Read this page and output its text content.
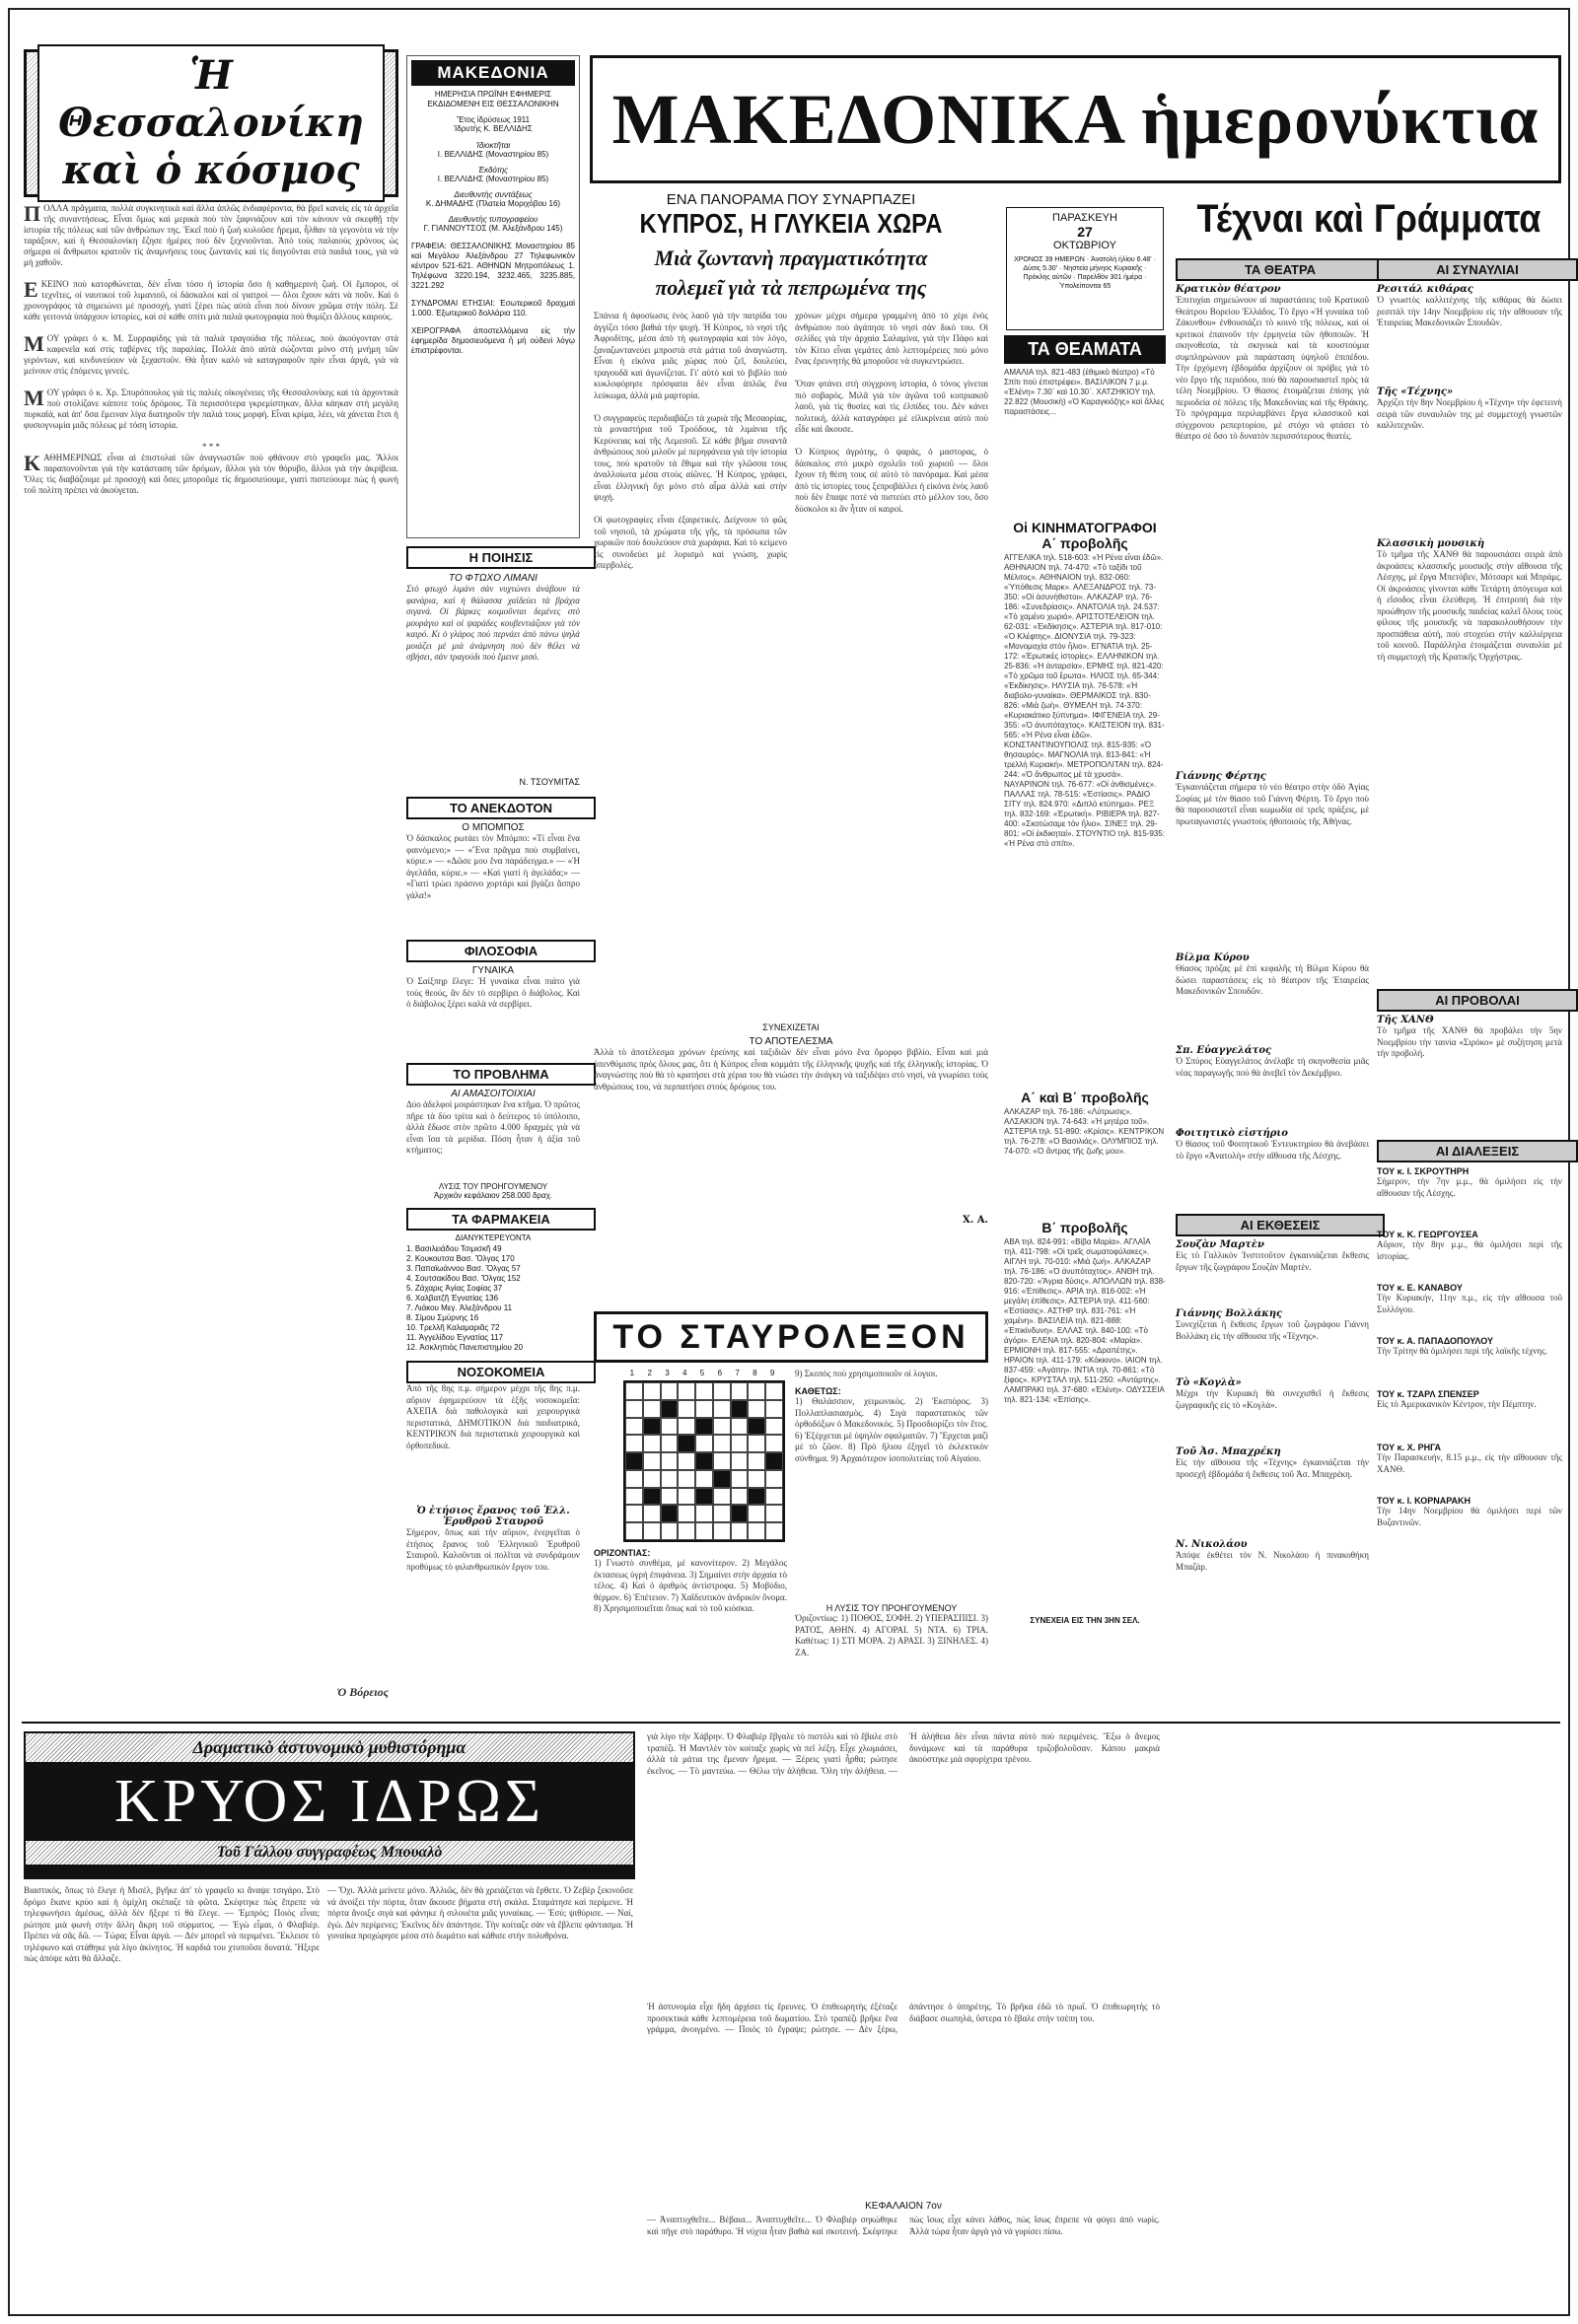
Ἡ Θεσσαλονίκη καὶ ὁ κόσμος
Π ΟΛΛΑ πρᾶγματα, πολλὰ συγκινητικὰ καὶ ἄλλα ἀπλῶς ἐνδιαφέροντα, θὰ βρεῖ κανεὶς εἰς τὰ ἀρχεῖα τῆς συναντήσεως. Εἶναι ὅμως καὶ μερικὰ ποὺ τὸν ξαφνιάζουν καὶ τὸν κάνουν νὰ σκεφθῇ τὴν ἱστορία τῆς πόλεως καὶ τῶν ἀνθρώπων της. Ἐκεῖ ποὺ ἡ ζωὴ κυλοῦσε ἤρεμα, ἦλθαν τὰ γεγονότα νὰ τὴν ταράξουν, καὶ ἡ Θεσσαλονίκη ἔζησε ἡμέρες ποὺ δὲν ξεχνιοῦνται. Ἀπὸ τοὺς παλαιοὺς χρόνους ὡς σήμερα οἱ ἄνθρωποι κρατοῦν τὶς ἀναμνήσεις τους ζωντανὲς καὶ τὶς διηγοῦνται στὰ παιδιά τους, γιὰ νὰ μὴ χαθοῦν.

Ε ΚΕΙΝΟ ποὺ κατορθώνεται, δὲν εἶναι τόσο ἡ ἱστορία ὅσο ἡ καθημερινὴ ζωή. Οἱ ἔμποροι, οἱ τεχνῖτες, οἱ ναυτικοὶ τοῦ λιμανιοῦ, οἱ δάσκαλοι καὶ οἱ γιατροὶ — ὅλοι ἔχουν κάτι νὰ ποῦν. Καὶ ὁ χρονογράφος τὰ σημειώνει μὲ προσοχή, γιατὶ ξέρει πὼς αὐτὰ εἶναι ποὺ δίνουν χρῶμα στὴν πόλη. Σὲ κάθε γειτονιὰ ὑπάρχουν ἱστορίες, καὶ σὲ κάθε σπίτι μιὰ παλιὰ φωτογραφία ποὺ θυμίζει ἄλλους καιρούς.

Μ ΟΥ γράφει ὁ κ. Μ. Συρραφίδης γιὰ τὰ παλιὰ τραγούδια τῆς πόλεως, ποὺ ἀκούγονταν στὰ καφενεῖα καὶ στὶς ταβέρνες τῆς παραλίας. Πολλὰ ἀπὸ αὐτὰ σώζονται μόνο στὴ μνήμη τῶν γερόντων, καὶ κινδυνεύουν νὰ ξεχαστοῦν. Θὰ ἦταν καλὸ νὰ καταγραφοῦν πρὶν εἶναι ἀργά, γιὰ νὰ μείνουν στὶς ἐπόμενες γενεές.

Μ ΟΥ γράφει ὁ κ. Χρ. Σπυρόπουλος γιὰ τὶς παλιὲς οἰκογένειες τῆς Θεσσαλονίκης καὶ τὰ ἀρχοντικὰ ποὺ στολίζανε κάποτε τοὺς δρόμους. Τὰ περισσότερα γκρεμίστηκαν, ἄλλα κάηκαν στὴ μεγάλη πυρκαϊά, καὶ ἀπ' ὅσα ἔμειναν λίγα διατηροῦν τὴν παλιά τους μορφή. Εἶναι κρίμα, λέει, νὰ χάνεται ἔτσι ἡ φυσιογνωμία μιᾶς πόλεως μὲ τόση ἱστορία.

* * *
Κ ΑΘΗΜΕΡΙΝΩΣ εἶναι αἱ ἐπιστολαὶ τῶν ἀναγνωστῶν ποὺ φθάνουν στὸ γραφεῖο μας. Ἄλλοι παραπονοῦνται γιὰ τὴν κατάσταση τῶν δρόμων, ἄλλοι γιὰ τὸν θόρυβο, ἄλλοι γιὰ τὴν ἀκρίβεια. Ὅλες τὶς διαβάζουμε μὲ προσοχὴ καὶ ὅσες μποροῦμε τὶς δημοσιεύουμε, γιατὶ πιστεύουμε πὼς ἡ φωνὴ τοῦ πολίτη πρέπει νὰ ἀκούγεται.
Ὁ Βόρειος
ΜΑΚΕΔΟΝΙΑ
ΗΜΕΡΗΣΙΑ ΠΡΩΪΝΗ ΕΦΗΜΕΡΙΣ ΕΚΔΙΔΟΜΕΝΗ ΕΙΣ ΘΕΣΣΑΛΟΝΙΚΗΝ
Ἔτος ἱδρύσεως 1911
Ἱδρυτὴς Κ. ΒΕΛΛΙΔΗΣ
Ἰδιοκτῆται
Ι. ΒΕΛΛΙΔΗΣ (Μοναστηρίου 85)
Ἐκδότης
Ι. ΒΕΛΛΙΔΗΣ (Μοναστηρίου 85)
Διευθυντὴς συντάξεως
Κ. ΔΗΜΑΔΗΣ (Πλατεία Μοριχόβου 16)
Διευθυντὴς τυπογραφείου
Γ. ΓΙΑΝΝΟΥΤΣΟΣ (Μ. Ἀλεξάνδρου 145)
ΓΡΑΦΕΙΑ: ΘΕΣΣΑΛΟΝΙΚΗΣ Μοναστηρίου 85 καὶ Μεγάλου Ἀλεξάνδρου 27 Τηλεφωνικὸν κέντρον 521-621. ΑΘΗΝΩΝ Μητροπόλεως 1. Τηλέφωνα 3220.194, 3232.465, 3235.885, 3221.292
ΣΥΝΔΡΟΜΑΙ ΕΤΗΣΙΑΙ: Ἐσωτερικοῦ δραχμαὶ 1.000. Ἐξωτερικοῦ δολλάρια 110.
ΧΕΙΡΟΓΡΑΦΑ ἀποστελλόμενα εἰς τὴν ἐφημερίδα δημοσιευόμενα ἢ μὴ οὐδενὶ λόγῳ ἐπιστρέφονται.
ΜΑΚΕΔΟΝΙΚΑ ἡμερονύκτια
Η ΠΟΙΗΣΙΣ
ΤΟ ΦΤΩΧΟ ΛΙΜΑΝΙ
Στὸ φτωχὸ λιμάνι σὰν νυχτώνει ἀνάβουν τὰ φανάρια, καὶ ἡ θάλασσα χαϊδεύει τὰ βράχια σιγανά. Οἱ βάρκες κοιμοῦνται δεμένες στὸ μουράγιο καὶ οἱ ψαράδες κουβεντιάζουν γιὰ τὸν καιρό. Κι ὁ γλάρος ποὺ περνάει ἀπὸ πάνω ψηλά μοιάζει μὲ μιὰ ἀνάμνηση ποὺ δὲν θέλει νὰ σβήσει, σὰν τραγούδι ποὺ ἔμεινε μισό.
Ν. ΤΣΟΥΜΙΤΑΣ
ΤΟ ΑΝΕΚΔΟΤΟΝ
Ο ΜΠΟΜΠΟΣ
Ὁ δάσκαλος ρωτάει τὸν Μπόμπο: «Τί εἶναι ἕνα φαινόμενο;» — «Ἕνα πρᾶγμα ποὺ συμβαίνει, κύριε.» — «Δῶσε μου ἕνα παράδειγμα.» — «Ἡ ἀγελάδα, κύριε.» — «Καὶ γιατί ἡ ἀγελάδα;» — «Γιατὶ τρώει πράσινο χορτάρι καὶ βγάζει ἄσπρο γάλα!»
ΦΙΛΟΣΟΦΙΑ
ΓΥΝΑΙΚΑ
Ὁ Σαίξπηρ ἔλεγε: Ἡ γυναίκα εἶναι πιάτο γιὰ τοὺς θεούς, ἂν δὲν τὸ σερβίρει ὁ διάβολος. Καὶ ὁ διάβολος ξέρει καλὰ νὰ σερβίρει.
ΤΟ ΠΡΟΒΛΗΜΑ
ΑΙ ΑΜΑΣΟΙΤΟΙΧΙΑΙ
Δύο ἀδελφοὶ μοιράστηκαν ἕνα κτῆμα. Ὁ πρῶτος πῆρε τὰ δύο τρίτα καὶ ὁ δεύτερος τὸ ὑπόλοιπο, ἀλλὰ ἔδωσε στὸν πρῶτο 4.000 δραχμὲς γιὰ νὰ εἶναι ἴσα τὰ μερίδια. Πόση ἦταν ἡ ἀξία τοῦ κτήματος;
ΛΥΣΙΣ ΤΟΥ ΠΡΟΗΓΟΥΜΕΝΟΥ
Ἀρχικὸν κεφάλαιον 258.000 δραχ.
ΤΑ ΦΑΡΜΑΚΕΙΑ
ΔΙΑΝΥΚΤΕΡΕΥΟΝΤΑ
1. Βασιλειάδου Τσιμισκῆ 49
2. Κουκουτσα Βασ. Ὄλγας 170
3. Παπαϊωάννου Βασ. Ὄλγας 57
4. Σουτσακίδου Βασ. Ὄλγας 152
5. Ζάχαρις Ἀγίας Σοφίας 37
6. Χαλβατζῆ Ἐγνατίας 136
7. Λιάκου Μεγ. Ἀλεξάνδρου 11
8. Σίμου Σμύρνης 16
10. Τρελλῆ Καλαμαριᾶς 72
11. Ἀγγελίδου Ἐγνατίας 117
12. Ἀσκληπιὸς Πανεπιστημίου 20
ΝΟΣΟΚΟΜΕΙΑ
Ἀπὸ τῆς 8ης π.μ. σήμερον μέχρι τῆς 8ης π.μ. αὔριον ἐφημερεύουν τὰ ἑξῆς νοσοκομεῖα: ΑΧΕΠΑ διὰ παθολογικὰ καὶ χειρουργικὰ περιστατικά, ΔΗΜΟΤΙΚΟΝ διὰ παιδιατρικά, ΚΕΝΤΡΙΚΟΝ διὰ περιστατικὰ χειρουργικὰ καὶ ὀρθοπεδικά.
Ὁ ἐτήσιος ἔρανος τοῦ Ἑλλ. Ἐρυθροῦ Σταυροῦ
Σήμερον, ὅπως καὶ τὴν αὔριον, ἐνεργεῖται ὁ ἐτήσιος ἔρανος τοῦ Ἑλληνικοῦ Ἐρυθροῦ Σταυροῦ. Καλοῦνται οἱ πολῖται νὰ συνδράμουν προθύμως τὸ φιλανθρωπικὸν ἔργον του.
ΕΝΑ ΠΑΝΟΡΑΜΑ ΠΟΥ ΣΥΝΑΡΠΑΖΕΙ
ΚΥΠΡΟΣ, Η ΓΛΥΚΕΙΑ ΧΩΡΑ
Μιὰ ζωντανὴ πραγματικότητα πολεμεῖ γιὰ τὰ πεπρωμένα της
Σπάνια ἡ ἀφοσίωσις ἑνὸς λαοῦ γιὰ τὴν πατρίδα του ἀγγίζει τόσο βαθιὰ τὴν ψυχή. Ἡ Κύπρος, τὸ νησὶ τῆς Ἀφροδίτης, μέσα ἀπὸ τὴ φωτογραφία καὶ τὸν λόγο, ξαναζωντανεύει μπροστὰ στὰ μάτια τοῦ ἀναγνώστη. Εἶναι ἡ εἰκόνα μιᾶς χώρας ποὺ ζεῖ, δουλεύει, τραγουδᾶ καὶ ἀγωνίζεται. Γι' αὐτὸ καὶ τὸ βιβλίο ποὺ κυκλοφόρησε πρόσφατα δὲν εἶναι ἁπλῶς ἕνα λεύκωμα, ἀλλὰ μιὰ μαρτυρία.

Ὁ συγγραφεὺς περιδιαβάζει τὰ χωριὰ τῆς Μεσαορίας, τὰ μοναστήρια τοῦ Τροόδους, τὰ λιμάνια τῆς Κερύνειας καὶ τῆς Λεμεσοῦ. Σὲ κάθε βῆμα συναντᾶ ἀνθρώπους ποὺ μιλοῦν μὲ περηφάνεια γιὰ τὴν ἱστορία τους, ποὺ κρατοῦν τὰ ἔθιμα καὶ τὴν γλῶσσα τους ἀναλλοίωτα μέσα στοὺς αἰῶνες. Ἡ Κύπρος, γράφει, εἶναι ἑλληνικὴ ὄχι μόνο στὸ αἷμα ἀλλὰ καὶ στὴν ψυχή.

Οἱ φωτογραφίες εἶναι ἐξαιρετικές. Δείχνουν τὸ φῶς τοῦ νησιοῦ, τὰ χρώματα τῆς γῆς, τὰ πρόσωπα τῶν χωρικῶν ποὺ δουλεύουν στὰ χωράφια. Καὶ τὸ κείμενο τὶς συνοδεύει μὲ λυρισμὸ καὶ γνώση, χωρὶς ὑπερβολές.
χρόνων μέχρι σήμερα γραμμένη ἀπὸ τὸ χέρι ἑνὸς ἀνθρώπου ποὺ ἀγάπησε τὸ νησὶ σὰν δικό του. Οἱ σελίδες γιὰ τὴν ἀρχαία Σαλαμίνα, γιὰ τὴν Πάφο καὶ τὸν Κίτιο εἶναι γεμάτες ἀπὸ λεπτομέρειες ποὺ μόνο ἕνας ἐρευνητὴς θὰ μποροῦσε νὰ συγκεντρώσει.

Ὅταν φτάνει στὴ σύγχρονη ἱστορία, ὁ τόνος γίνεται πιὸ σοβαρός. Μιλᾶ γιὰ τὸν ἀγῶνα τοῦ κυπριακοῦ λαοῦ, γιὰ τὶς θυσίες καὶ τὶς ἐλπίδες του. Δὲν κάνει πολιτική, ἀλλὰ καταγράφει μὲ εἰλικρίνεια αὐτὸ ποὺ εἶδε καὶ ἄκουσε.

Ὁ Κύπριος ἀγρότης, ὁ ψαράς, ὁ μαστορας, ὁ δάσκαλος στὸ μικρὸ σχολεῖο τοῦ χωριοῦ — ὅλοι ἔχουν τὴ θέση τους σὲ αὐτὸ τὸ πανόραμα. Καὶ μέσα ἀπὸ τὶς ἱστορίες τους ξεπροβάλλει ἡ εἰκόνα ἑνὸς λαοῦ ποὺ δὲν ἔπαψε ποτὲ νὰ πιστεύει στὸ μέλλον του, ὅσο δύσκολοι κι ἂν ἦταν οἱ καιροί.
ΣΥΝΕΧΙΖΕΤΑΙ
ΤΟ ΑΠΟΤΕΛΕΣΜΑ
Ἀλλὰ τὸ ἀποτέλεσμα χρόνων ἐρεύνης καὶ ταξιδιῶν δὲν εἶναι μόνο ἕνα ὄμορφο βιβλίο. Εἶναι καὶ μιὰ ὑπενθύμισις πρὸς ὅλους μας, ὅτι ἡ Κύπρος εἶναι κομμάτι τῆς ἑλληνικῆς ψυχῆς καὶ τῆς ἑλληνικῆς ἱστορίας. Ὁ ἀναγνώστης ποὺ θὰ τὸ κρατήσει στὰ χέρια του θὰ νιώσει τὴν ἀνάγκη νὰ ταξιδέψει στὸ νησί, νὰ γνωρίσει τοὺς ἀνθρώπους του, νὰ περπατήσει στοὺς δρόμους του.
Χ. Α.
ΤΟ ΣΤΑΥΡΟΛΕΞΟΝ
1	2	3	4	5	6	7	8	9
ΟΡΙΖΟΝΤΙΑΣ:
1) Γνωστὸ συνθέμα, μὲ κανονίτερον. 2) Μεγάλος ἐκτασεως ὑγρή ἐπιφάνεια. 3) Σημαίνει στὴν ἀρχαία τὸ τέλος. 4) Καὶ ὁ ἀριθμὸς ἀντίστροφα. 5) Μοβύδιο, θέρμον. 6) Ἐπέτειον. 7) Χαΐδευτικὸν ἀνδρικὸν ὄνομα. 8) Χρησιμοποιεῖται ὅπως καὶ τὸ τοῦ κιόσκια.
9) Σκοπὸς ποὺ χρησιμοποιοῦν οἱ λογιοι.
ΚΑΘΕΤΩΣ:
1) Θαλάσσιον, χειμωνικὸς. 2) Ἐκσπόρος. 3) Πολλαπλασιασμὸς. 4) Σιγὰ παραστατικὸς τῶν ὀρθοδόξων ὁ Μακεδονικὸς. 5) Προσδιορίζει τὸν ἔτος. 6) Ἐξέρχεται μὲ ὑψηλὸν σφαλματῶν. 7) Ἔρχεται μαζὶ μὲ τὸ ζῶον. 8) Πρὸ ἥλιου ἐξηγεῖ τὸ ἐκλεκτικὸν σύνθημα. 9) Ἀρχαιότερον ἰσοπολιτείας τοῦ Αἰγαίου.
Η ΛΥΣΙΣ ΤΟΥ ΠΡΟΗΓΟΥΜΕΝΟΥ
Ὁριζοντίως: 1) ΠΟΘΟΣ, ΣΟΦΗ. 2) ΥΠΕΡΑΣΠΙΣΙ. 3) ΡΑΤΟΣ, ΑΘΗΝ. 4) ΑΓΟΡΑΙ. 5) ΝΤΑ. 6) ΤΡΙΑ. Καθέτως: 1) ΣΤΙ ΜΟΡΑ. 2) ΑΡΑΣΙ. 3) ΞΙΝΗΛΕΣ. 4) ΖΑ.
ΠΑΡΑΣΚΕΥΗ
27
ΟΚΤΩΒΡΙΟΥ
ΧΡΟΝΟΣ 39 ΗΜΕΡΩΝ · Ἀνατολὴ ἡλίου 6.48' · Δύσις 5.30' · Νηστεία μήνηος Κυριακῆς · Πρόκλης αὐτῶν · Παρελθὸν 301 ἡμέρα · Ὑπολείπονται 65
ΤΑ ΘΕΑΜΑΤΑ
ΑΜΑΛΙΑ τηλ. 821-483 (ἐθιμικὸ θέατρο) «Τὸ Σπίτι ποὺ ἐπιστρέφει». ΒΑΣΙΛΙΚΟΝ 7 μ.μ. «Ἑλένη» 7.30΄ καὶ 10.30΄. ΧΑΤΖΗΚΙΟΥ τηλ. 22.822 (Μουσικὴ) «Ὁ Καραγκιόζης» καὶ ἄλλες παραστάσεις...
Οἱ ΚΙΝΗΜΑΤΟΓΡΑΦΟΙ
Α΄ προβολῆς
ΑΓΓΕΛΙΚΑ τηλ. 518-603: «Ἡ Ρένα εἶναι ἐδῶ». ΑΘΗΝΑΙΟΝ τηλ. 74-470: «Τὸ ταξίδι τοῦ Μέλιτος». ΑΘΗΝΑΙΟΝ τηλ. 832-060: «Ὑπόθεσις Μαρκ». ΑΛΕΞΑΝΔΡΟΣ τηλ. 73-350: «Οἱ ἀσυνήθιστοι». ΑΛΚΑΖΑΡ τηλ. 76-186: «Συνεδρίασις». ΑΝΑΤΟΛΙΑ τηλ. 24.537: «Τὸ χαμένο χωριό». ΑΡΙΣΤΟΤΕΛΕΙΟΝ τηλ. 62-031: «Ἐκδίκησις». ΑΣΤΕΡΙΑ τηλ. 817-010: «Ὁ Κλέφτης». ΔΙΟΝΥΣΙΑ τηλ. 79-323: «Μονομαχία στὸν ἥλιο». ΕΓΝΑΤΙΑ τηλ. 25-172: «Ἐρωτικὲς ἱστορίες». ΕΛΛΗΝΙΚΟΝ τηλ. 25-836: «Ἡ ἀνταρσία». ΕΡΜΗΣ τηλ. 821-420: «Τὸ χρῶμα τοῦ ἔρωτα». ΗΛΙΟΣ τηλ. 65-344: «Ἐκδίκησις». ΗΛΥΣΙΑ τηλ. 76-578: «Ἡ διαβολο-γυναίκα». ΘΕΡΜΑΙΚΟΣ τηλ. 830-826: «Μιὰ ζωὴ». ΘΥΜΕΛΗ τηλ. 74-370: «Κυριακάτικο ξύπνημα». ΙΦΙΓΕΝΕΙΑ τηλ. 29-355: «Ὁ ἀνυπόταχτος». ΚΑΙΣΤΕΙΟΝ τηλ. 831-565: «Ἡ Ρένα εἶναι ἐδῶ». ΚΟΝΣΤΑΝΤΙΝΟΥΠΟΛΙΣ τηλ. 815-935: «Ὁ θησαυρὸς». ΜΑΓΝΟΛΙΑ τηλ. 813-841: «Ἡ τρελλὴ Κυριακή». ΜΕΤΡΟΠΟΛΙΤΑΝ τηλ. 824-244: «Ὁ ἄνθρωπος μὲ τὰ χρυσὰ». ΝΑΥΑΡΙΝΟΝ τηλ. 76-677: «Οἱ ἀνθισμένες». ΠΑΛΛΑΣ τηλ. 78-515: «Ἑστίασις». ΡΑΔΙΟ ΣΙΤΥ τηλ. 824.970: «Διπλὸ κτύπημα». ΡΕΞ τηλ. 832-169: «Ἐρωτικὴ». ΡΙΒΙΕΡΑ τηλ. 827-400: «Σκοτώσαμε τὸν ἥλιο». ΣΙΝΕΞ τηλ. 29-801: «Οἱ ἐκδικηταί». ΣΤΟΥΝΤΙΟ τηλ. 815-935: «Ἡ Ρένα στὸ σπίτι».
Α΄ καὶ Β΄ προβολῆς
ΑΛΚΑΖΑΡ τηλ. 76-186: «Λύτρωσις». ΑΛΣΑΚΙΟΝ τηλ. 74-643: «Ἡ μητέρα τοῦ». ΑΣΤΕΡΙΑ τηλ. 51-890: «Κρίσις». ΚΕΝΤΡΙΚΟΝ τηλ. 76-278: «Ὁ Βασιλιάς». ΟΛΥΜΠΙΟΣ τηλ. 74-070: «Ὁ ἄντρας τῆς ζωῆς μου».
Β΄ προβολῆς
ΑΒΑ τηλ. 824-991: «Βίβα Μαρία». ΑΓΛΑΪΑ τηλ. 411-798: «Οἱ τρεῖς σωματοφύλακες». ΑΙΓΛΗ τηλ. 70-010: «Μιὰ ζωὴ». ΑΛΚΑΖΑΡ τηλ. 76-186: «Ὁ ἀνυπόταχτος». ΑΝΘΗ τηλ. 820-720: «Ἄγρια δύσις». ΑΠΟΛΛΩΝ τηλ. 838-916: «Ἐπίθεσις». ΑΡΙΑ τηλ. 816-002: «Ἡ μεγάλη ἐπίθεσις». ΑΣΤΕΡΙΑ τηλ. 411-560: «Ἑστίασις». ΑΣΤΗΡ τηλ. 831-761: «Ἡ χαμένη». ΒΑΣΙΛΕΙΑ τηλ. 821-888: «Ἐπικίνδυνη». ΕΛΛΑΣ τηλ. 840-100: «Τὸ ἀγόρι». ΕΛΕΝΑ τηλ. 820-804: «Μαρία». ΕΡΜΙΟΝΗ τηλ. 817-555: «Δραπέτης». ΗΡΑΙΟΝ τηλ. 411-179: «Κόκκινο». ΙΑΙΟΝ τηλ. 837-459: «Ἀγάπη». ΙΝΤΙΑ τηλ. 70-861: «Τὸ ξίφος». ΚΡΥΣΤΑΛ τηλ. 511-250: «Ἀντάρτης». ΛΑΜΠΡΑΚΙ τηλ. 37-680: «Ἑλένη». ΟΔΥΣΣΕΙΑ τηλ. 821-134: «Ἐπίσης».
ΣΥΝΕΧΕΙΑ ΕΙΣ ΤΗΝ 3ΗΝ ΣΕΛ.
Τέχναι καὶ Γράμματα
ΤΑ ΘΕΑΤΡΑ
Κρατικὸν θέατρον
Ἐπιτυχίαι σημειώνουν αἱ παραστάσεις τοῦ Κρατικοῦ Θεάτρου Βορείου Ἑλλάδος. Τὸ ἔργο «Ἡ γυναίκα τοῦ Ζάκυνθου» ἐνθουσιάζει τὸ κοινὸ τῆς πόλεως, καὶ οἱ κριτικοὶ ἐπαινοῦν τὴν ἐρμηνεία τῶν ἠθοποιῶν. Ἡ σκηνοθεσία, τὰ σκηνικὰ καὶ τὰ κουστούμια συμπληρώνουν μιὰ παράσταση ὑψηλοῦ ἐπιπέδου. Τὴν ἐρχόμενη ἑβδομάδα ἀρχίζουν οἱ πρόβες γιὰ τὸ νέο ἔργο τῆς περιόδου, ποὺ θὰ παρουσιαστεῖ πρὸς τὰ τέλη Νοεμβρίου. Ὁ θίασος ἑτοιμάζεται ἐπίσης γιὰ περιοδεία σὲ πόλεις τῆς Μακεδονίας καὶ τῆς Θράκης. Τὸ πρόγραμμα περιλαμβάνει ἔργα κλασσικοῦ καὶ σύγχρονου ρεπερτορίου, μὲ στόχο νὰ φτάσει τὸ θέατρο σὲ ὅσο τὸ δυνατὸν περισσότερους θεατές.
Γιάννης Φέρτης
Ἐγκαινιάζεται σήμερα τὸ νέο θέατρο στὴν ὁδὸ Ἀγίας Σοφίας μὲ τὸν θίασο τοῦ Γιάννη Φέρτη. Τὸ ἔργο ποὺ θὰ παρουσιαστεῖ εἶναι κωμωδία σὲ τρεῖς πράξεις, μὲ πρωταγωνιστὲς γνωστοὺς ἠθοποιοὺς τῆς Ἀθήνας.
Βίλμα Κύρου
Θίασος πρόζας μὲ ἐπὶ κεφαλῆς τὴ Βίλμα Κύρου θὰ δώσει παραστάσεις εἰς τὸ θέατρον τῆς Ἑταιρείας Μακεδονικῶν Σπουδῶν.
Σπ. Εὐαγγελάτος
Ὁ Σπύρος Εὐαγγελάτος ἀνέλαβε τὴ σκηνοθεσία μιᾶς νέας παραγωγῆς ποὺ θὰ ἀνεβεῖ τὸν Δεκέμβριο.
Φοιτητικὸ εἰστήριο
Ὁ θίασος τοῦ Φοιτητικοῦ Ἐντευκτηρίου θὰ ἀνεβάσει τὸ ἔργο «Ἀνατολὴ» στὴν αἴθουσα τῆς Λέσχης.
ΑΙ ΕΚΘΕΣΕΙΣ
Σουζὰν Μαρτὲν
Εἰς τὸ Γαλλικὸν Ἰνστιτοῦτον ἐγκαινιάζεται ἔκθεσις ἔργων τῆς ζωγράφου Σουζὰν Μαρτὲν.
Γιάννης Βολλάκης
Συνεχίζεται ἡ ἔκθεσις ἔργων τοῦ ζωγράφου Γιάννη Βολλάκη εἰς τὴν αἴθουσα τῆς «Τέχνης».
Τὸ «Κογλὰ»
Μέχρι τὴν Κυριακὴ θὰ συνεχισθεῖ ἡ ἔκθεσις ζωγραφικῆς εἰς τὸ «Κογλὰ».
Τοῦ Ἀσ. Μπαχρέκη
Εἰς τὴν αἴθουσα τῆς «Τέχνης» ἐγκαινιάζεται τὴν προσεχῆ ἑβδομάδα ἡ ἔκθεσις τοῦ Ἀσ. Μπαχρέκη.
Ν. Νικολάου
Ἀπόψε ἐκθέτει τὸν Ν. Νικολάου ἡ πινακοθήκη Μπαζάρ.
ΑΙ ΣΥΝΑΥΛΙΑΙ
Ρεσιτάλ κιθάρας
Ὁ γνωστὸς καλλιτέχνης τῆς κιθάρας θὰ δώσει ρεσιτάλ τὴν 14ην Νοεμβρίου εἰς τὴν αἴθουσαν τῆς Ἑταιρείας Μακεδονικῶν Σπουδῶν.
Τῆς «Τέχνης»
Ἀρχίζει τὴν 8ην Νοεμβρίου ἡ «Τέχνη» τὴν ἐφετεινὴ σειρὰ τῶν συναυλιῶν της μὲ συμμετοχὴ γνωστῶν καλλιτεχνῶν.
Κλασσικὴ μουσικὴ
Τὸ τμῆμα τῆς ΧΑΝΘ θὰ παρουσιάσει σειρὰ ἀπὸ ἀκροάσεις κλασσικῆς μουσικῆς στὴν αἴθουσα τῆς Λέσχης, μὲ ἔργα Μπετόβεν, Μότσαρτ καὶ Μπράμς. Οἱ ἀκροάσεις γίνονται κάθε Τετάρτη ἀπόγευμα καὶ ἡ εἴσοδος εἶναι ἐλεύθερη. Ἡ ἐπιτροπὴ διὰ τὴν προώθησιν τῆς μουσικῆς παιδείας καλεῖ ὅλους τοὺς φίλους τῆς μουσικῆς νὰ παρακολουθήσουν τὴν προσπάθεια αὐτή, ποὺ στοχεύει στὴν καλλιέργεια τοῦ κοινοῦ. Παράλληλα ἑτοιμάζεται συναυλία μὲ τὴ συμμετοχὴ τῆς Κρατικῆς Ὀρχήστρας.
ΑΙ ΠΡΟΒΟΛΑΙ
Τῆς ΧΑΝΘ
Τὸ τμῆμα τῆς ΧΑΝΘ θὰ προβάλει τὴν 5ην Νοεμβρίου τὴν ταινία «Σιρόκο» μὲ συζήτηση μετὰ τὴν προβολή.
ΑΙ ΔΙΑΛΕΞΕΙΣ
ΤΟΥ κ. Ι. ΣΚΡΟΥΤΗΡΗ
Σήμερον, τὴν 7ην μ.μ., θὰ ὁμιλήσει εἰς τὴν αἴθουσαν τῆς Λέσχης.
ΤΟΥ κ. Κ. ΓΕΩΡΓΟΥΣΕΑ
Αὔριον, τὴν 8ην μ.μ., θὰ ὁμιλήσει περὶ τῆς ἱστορίας.
ΤΟΥ κ. Ε. ΚΑΝΑΒΟΥ
Τὴν Κυριακήν, 11ην π.μ., εἰς τὴν αἴθουσα τοῦ Συλλόγου.
ΤΟΥ κ. Α. ΠΑΠΑΔΟΠΟΥΛΟΥ
Τὴν Τρίτην θὰ ὁμιλήσει περὶ τῆς λαϊκῆς τέχνης.
ΤΟΥ κ. ΤΖΑΡΛ ΣΠΕΝΣΕΡ
Εἰς τὸ Ἀμερικανικὸν Κέντρον, τὴν Πέμπτην.
ΤΟΥ κ. Χ. ΡΗΓΑ
Τὴν Παρασκευήν, 8.15 μ.μ., εἰς τὴν αἴθουσαν τῆς ΧΑΝΘ.
ΤΟΥ κ. Ι. ΚΟΡΝΑΡΑΚΗ
Τὴν 14ην Νοεμβρίου θὰ ὁμιλήσει περὶ τῶν Βυζαντινῶν.
Δραματικὸ ἀστυνομικὸ μυθιστόρημα
ΚΡΥΟΣ ΙΔΡΩΣ
Τοῦ Γάλλου συγγραφέως Μπουαλὸ
Βιαστικός, ὅπως τὸ ἔλεγε ἡ Μισέλ, βγῆκε ἀπ' τὸ γραφεῖο κι ἄναψε τσιγάρο. Στὸ δρόμο ἔκανε κρύο καὶ ἡ ὁμίχλη σκέπαζε τὰ φῶτα. Σκέφτηκε πὼς ἔπρεπε νὰ τηλεφωνήσει ἀμέσως, ἀλλὰ δὲν ἤξερε τί θὰ ἔλεγε. — Ἐμπρός; Ποιὸς εἶναι; ρώτησε μιὰ φωνὴ στὴν ἄλλη ἄκρη τοῦ σύρματος. — Ἐγὼ εἶμαι, ὁ Φλαβιέρ. Πρέπει νὰ σᾶς δῶ. — Τώρα; Εἶναι ἀργά. — Δὲν μπορεῖ νὰ περιμένει. Ἔκλεισε τὸ τηλέφωνο καὶ στάθηκε γιὰ λίγο ἀκίνητος. Ἡ καρδιά του χτυποῦσε δυνατά. Ἤξερε πὼς ἀπόψε κάτι θὰ ἄλλαζε.
— Ὄχι. Ἀλλὰ μείνετε μόνο. Ἀλλιῶς, δὲν θὰ χρειάζεται νὰ ἔρθετε. Ὁ Ζεβὲρ ξεκινοῦσε νὰ ἀνοίξει τὴν πόρτα, ὅταν ἄκουσε βήματα στὴ σκάλα. Σταμάτησε καὶ περίμενε. Ἡ πόρτα ἄνοιξε σιγὰ καὶ φάνηκε ἡ σιλουέτα μιᾶς γυναίκας. — Ἐσύ; ψιθύρισε. — Ναί, ἐγώ. Δὲν περίμενες; Ἐκεῖνος δὲν ἀπάντησε. Τὴν κοίταζε σὰν νὰ ἔβλεπε φάντασμα. Ἡ γυναίκα προχώρησε μέσα στὸ δωμάτιο καὶ κάθισε στὴν πολυθρόνα.
γιὰ λίγο τὴν Χάβρην. Ὁ Φλαβιὲρ ἔβγαλε τὸ πιστόλι καὶ τὸ ἔβαλε στὸ τραπέζι. Ἡ Μαντλὲν τὸν κοίταξε χωρὶς νὰ πεῖ λέξη. Εἶχε χλωμιάσει, ἀλλὰ τὰ μάτια της ἔμεναν ἤρεμα. — Ξέρεις γιατί ἦρθα; ρώτησε ἐκεῖνος. — Τὸ μαντεύω. — Θέλω τὴν ἀλήθεια. Ὅλη τὴν ἀλήθεια. — Ἡ ἀλήθεια δὲν εἶναι πάντα αὐτὸ ποὺ περιμένεις. Ἔξω ὁ ἄνεμος δυνάμωνε καὶ τὰ παράθυρα τριζοβολοῦσαν. Κάπου μακριὰ ἀκούστηκε μιὰ σφυρίχτρα τρένου.
Ἡ ἀστυνομία εἶχε ἤδη ἀρχίσει τὶς ἔρευνες. Ὁ ἐπιθεωρητὴς ἐξέταζε προσεκτικὰ κάθε λεπτομέρεια τοῦ δωματίου. Στὸ τραπέζι βρῆκε ἕνα γράμμα, ἀνοιγμένο. — Ποιὸς τὸ ἔγραψε; ρώτησε. — Δὲν ξέρω, ἀπάντησε ὁ ὑπηρέτης. Τὸ βρῆκα ἐδῶ τὸ πρωΐ. Ὁ ἐπιθεωρητὴς τὸ διάβασε σιωπηλά, ὕστερα τὸ ἔβαλε στὴν τσέπη του.
ΚΕΦΑΛΑΙΟΝ 7ον
— Ἀναπτυχθεῖτε... Βέβαια... Ἀναπτυχθεῖτε... Ὁ Φλαβιὲρ σηκώθηκε καὶ πῆγε στὸ παράθυρο. Ἡ νύχτα ἦταν βαθιὰ καὶ σκοτεινή. Σκέφτηκε πὼς ἴσως εἶχε κάνει λάθος, πὼς ἴσως ἔπρεπε νὰ φύγει ἀπὸ νωρίς. Ἀλλὰ τώρα ἦταν ἀργὰ γιὰ νὰ γυρίσει πίσω.
